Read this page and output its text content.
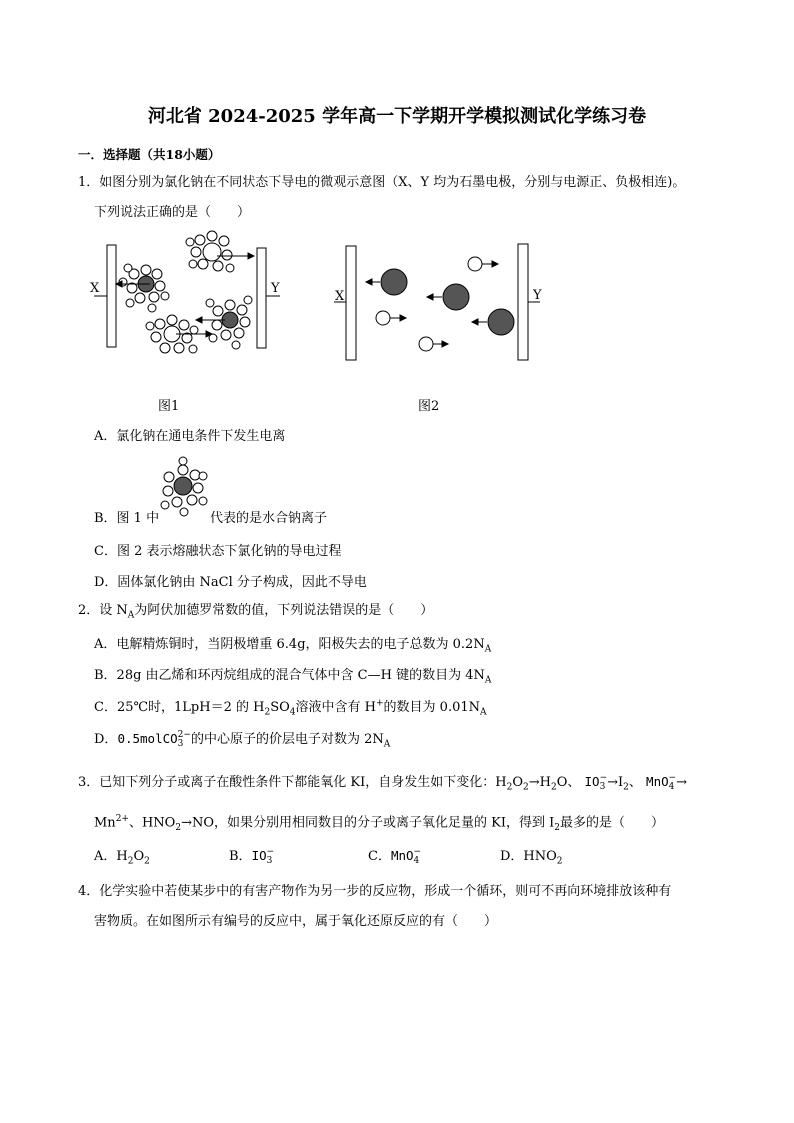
河北省 2024-2025 学年高一下学期开学模拟测试化学练习卷
一．选择题（共18小题）
1．如图分别为氯化钠在不同状态下导电的微观示意图（X、Y 均为石墨电极，分别与电源正、负极相连)。
下列说法正确的是（　　）
X	Y
X	Y
图1	图2
A．氯化钠在通电条件下发生电离
B．图 1 中	代表的是水合钠离子
C．图 2 表示熔融状态下氯化钠的导电过程
D．固体氯化钠由 NaCl 分子构成，因此不导电
2．设 $N_A$为阿伏加德罗常数的值，下列说法错误的是（　　）
A．电解精炼铜时，当阴极增重 6.4g，阳极失去的电子总数为 $0.2N_A$
B．28g 由乙烯和环丙烷组成的混合气体中含 C—H 键的数目为 $4N_A$
C．25℃时，1LpH＝2 的 $H_2SO_4$溶液中含有 H+的数目为 $0.01N_A$
D．0.5molCO 2−
3 的中心原子的价层电子对数为 $2N_A$
3．已知下列分子或离子在酸性条件下都能氧化 KI，自身发生如下变化：$H_2O_2\to H_2O$、 IO −
$3 \to I_2$、 MnO −
4 →
$Mn^{2+}$、$HNO_2\to NO$，如果分别用相同数目的分子或离子氧化足量的 KI，得到 $I_2$最多的是（　　）
A．$H_2O_2$	B．IO −
3	C．MnO −
4	D．$HNO_2$
4．化学实验中若使某步中的有害产物作为另一步的反应物，形成一个循环，则可不再向环境排放该种有
害物质。在如图所示有编号的反应中，属于氧化还原反应的有（　　）
